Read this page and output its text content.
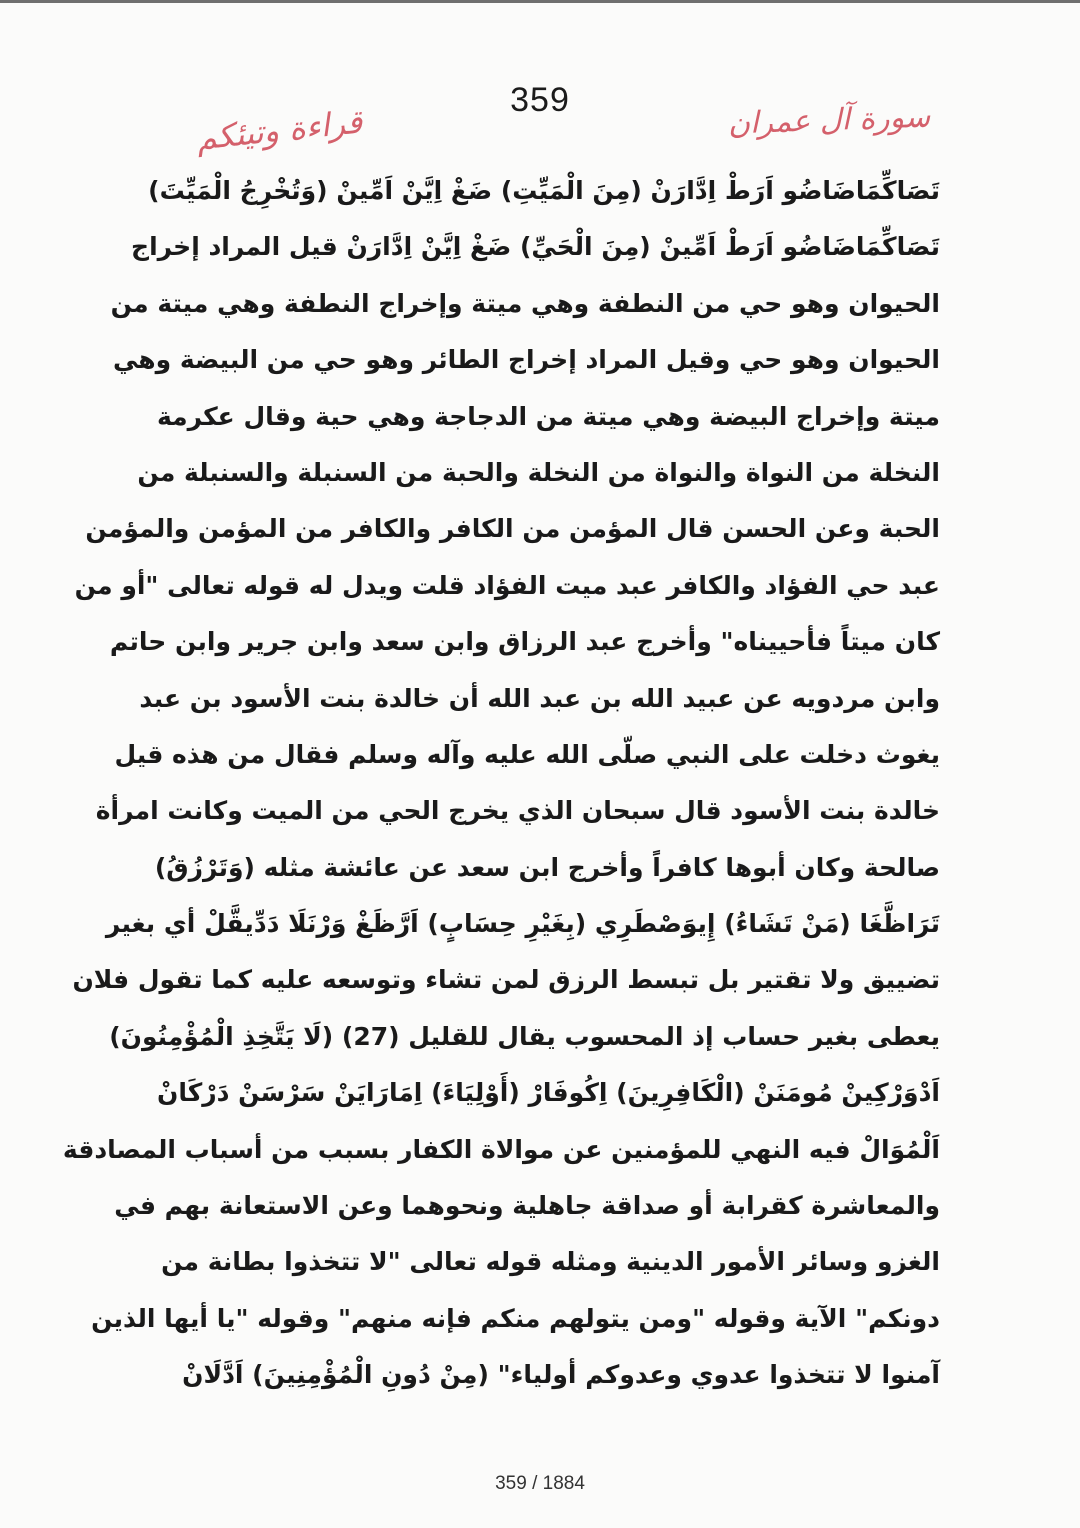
359	سورة آل عمران
قراءة وتيئكم
تَصَاكِّمَاضَاضُو اَرَطْ اِدَّارَنْ (مِنَ الْمَيِّتِ) ضَغْ اِيَّنْ اَمِّينْ (وَتُخْرِجُ الْمَيِّتَ)
تَصَاكِّمَاضَاضُو اَرَطْ اَمِّينْ (مِنَ الْحَيِّ) ضَغْ اِيَّنْ اِدَّارَنْ قيل المراد إخراج
الحيوان وهو حي من النطفة وهي ميتة وإخراج النطفة وهي ميتة من
الحيوان وهو حي وقيل المراد إخراج الطائر وهو حي من البيضة وهي
ميتة وإخراج البيضة وهي ميتة من الدجاجة وهي حية وقال عكرمة
النخلة من النواة والنواة من النخلة والحبة من السنبلة والسنبلة من
الحبة وعن الحسن قال المؤمن من الكافر والكافر من المؤمن والمؤمن
عبد حي الفؤاد والكافر عبد ميت الفؤاد قلت ويدل له قوله تعالى "أو من
كان ميتاً فأحييناه" وأخرج عبد الرزاق وابن سعد وابن جرير وابن حاتم
وابن مردويه عن عبيد الله بن عبد الله أن خالدة بنت الأسود بن عبد
يغوث دخلت على النبي صلّى الله عليه وآله وسلم فقال من هذه قيل
خالدة بنت الأسود قال سبحان الذي يخرج الحي من الميت وكانت امرأة
صالحة وكان أبوها كافراً وأخرج ابن سعد عن عائشة مثله (وَتَرْزُقُ)
تَرَاظَّغَا (مَنْ تَشَاءُ) إِيوَصْطَرِي (بِغَيْرِ حِسَابٍ) اَرَّظَغْ وَرْنَلَا دَدِّيقَّلْ أي بغير
تضييق ولا تقتير بل تبسط الرزق لمن تشاء وتوسعه عليه كما تقول فلان
يعطى بغير حساب إذ المحسوب يقال للقليل (27) (لَا يَتَّخِذِ الْمُؤْمِنُونَ)
اَدْوَرْكِينْ مُومَنَنْ (الْكَافِرِينَ) اِكُوفَارْ (أَوْلِيَاءَ) اِمَارَايَنْ سَرْسَنْ دَرْكَانْ
اَلْمُوَالْ فيه النهي للمؤمنين عن موالاة الكفار بسبب من أسباب المصادقة
والمعاشرة كقرابة أو صداقة جاهلية ونحوهما وعن الاستعانة بهم في
الغزو وسائر الأمور الدينية ومثله قوله تعالى "لا تتخذوا بطانة من
دونكم" الآية وقوله "ومن يتولهم منكم فإنه منهم" وقوله "يا أيها الذين
آمنوا لا تتخذوا عدوي وعدوكم أولياء" (مِنْ دُونِ الْمُؤْمِنِينَ) اَدَّلَانْ
359 / 1884
